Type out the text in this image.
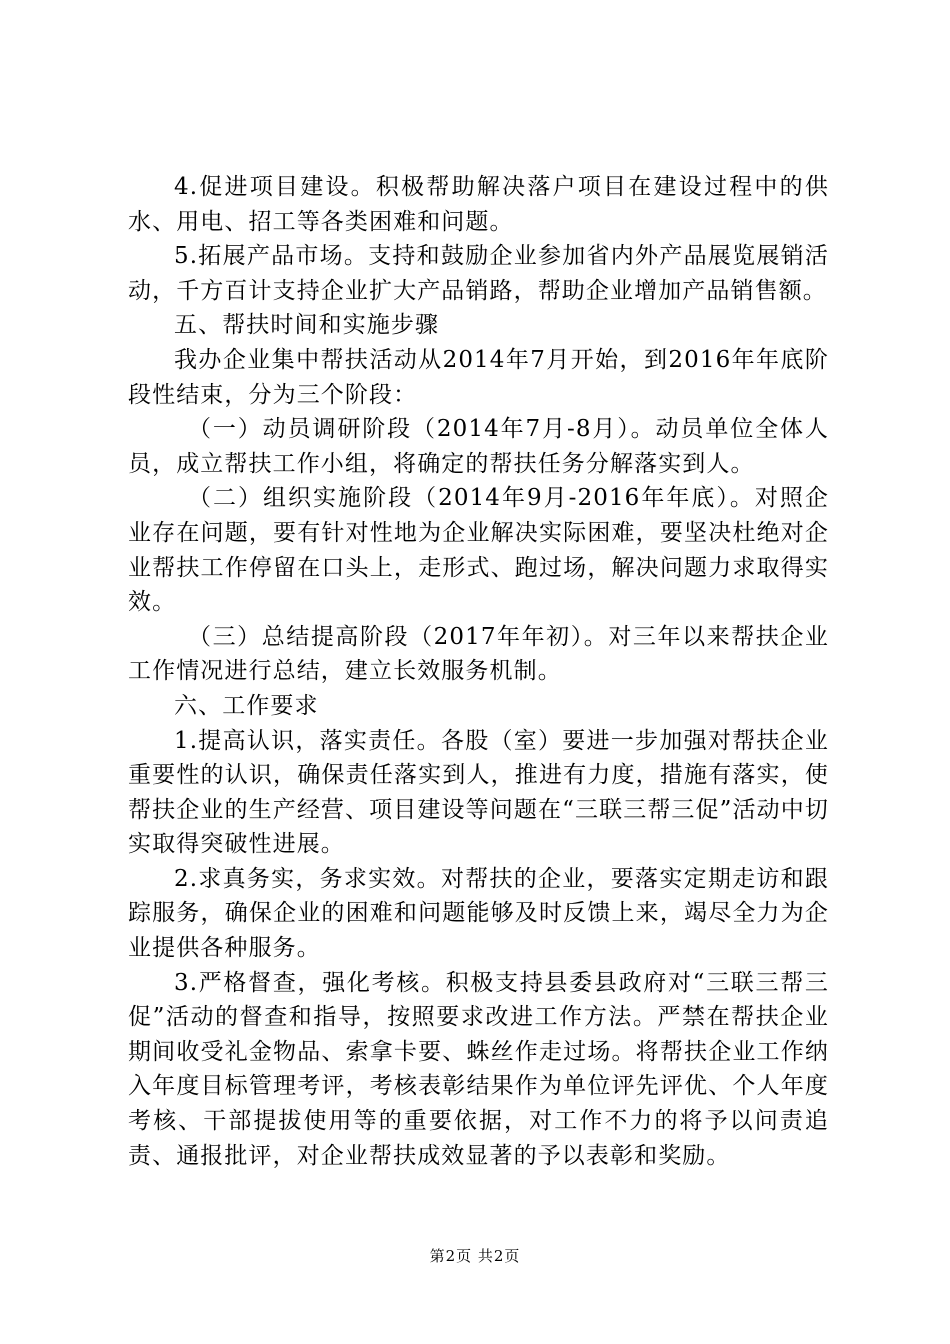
4.促进项目建设。积极帮助解决落户项目在建设过程中的供水、用电、招工等各类困难和问题。

5.拓展产品市场。支持和鼓励企业参加省内外产品展览展销活动，千方百计支持企业扩大产品销路，帮助企业增加产品销售额。

五、帮扶时间和实施步骤

我办企业集中帮扶活动从2014年7月开始，到2016年年底阶段性结束，分为三个阶段：

（一）动员调研阶段（2014年7月-8月）。动员单位全体人员，成立帮扶工作小组，将确定的帮扶任务分解落实到人。

（二）组织实施阶段（2014年9月-2016年年底）。对照企业存在问题，要有针对性地为企业解决实际困难，要坚决杜绝对企业帮扶工作停留在口头上，走形式、跑过场，解决问题力求取得实效。

（三）总结提高阶段（2017年年初）。对三年以来帮扶企业工作情况进行总结，建立长效服务机制。

六、工作要求

1.提高认识，落实责任。各股（室）要进一步加强对帮扶企业重要性的认识，确保责任落实到人，推进有力度，措施有落实，使帮扶企业的生产经营、项目建设等问题在“三联三帮三促”活动中切实取得突破性进展。

2.求真务实，务求实效。对帮扶的企业，要落实定期走访和跟踪服务，确保企业的困难和问题能够及时反馈上来，竭尽全力为企业提供各种服务。

3.严格督查，强化考核。积极支持县委县政府对“三联三帮三促”活动的督查和指导，按照要求改进工作方法。严禁在帮扶企业期间收受礼金物品、索拿卡要、蛛丝作走过场。将帮扶企业工作纳入年度目标管理考评，考核表彰结果作为单位评先评优、个人年度考核、干部提拔使用等的重要依据，对工作不力的将予以问责追责、通报批评，对企业帮扶成效显著的予以表彰和奖励。

第2页 共2页
